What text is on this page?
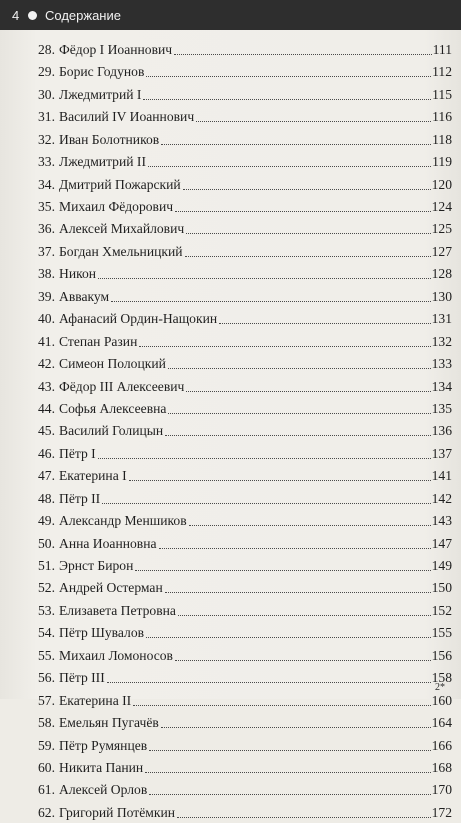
4	Содержание
28. Фёдор I Иоаннович	111
29. Борис Годунов	112
30. Лжедмитрий I	115
31. Василий IV Иоаннович	116
32. Иван Болотников	118
33. Лжедмитрий II	119
34. Дмитрий Пожарский	120
35. Михаил Фёдорович	124
36. Алексей Михайлович	125
37. Богдан Хмельницкий	127
38. Никон	128
39. Аввакум	130
40. Афанасий Ордин-Нащокин	131
41. Степан Разин	132
42. Симеон Полоцкий	133
43. Фёдор III Алексеевич	134
44. Софья Алексеевна	135
45. Василий Голицын	136
46. Пётр I	137
47. Екатерина I	141
48. Пётр II	142
49. Александр Меншиков	143
50. Анна Иоанновна	147
51. Эрнст Бирон	149
52. Андрей Остерман	150
53. Елизавета Петровна	152
54. Пётр Шувалов	155
55. Михаил Ломоносов	156
56. Пётр III	158
57. Екатерина II	160
58. Емельян Пугачёв	164
59. Пётр Румянцев	166
60. Никита Панин	168
61. Алексей Орлов	170
62. Григорий Потёмкин	172
2*
